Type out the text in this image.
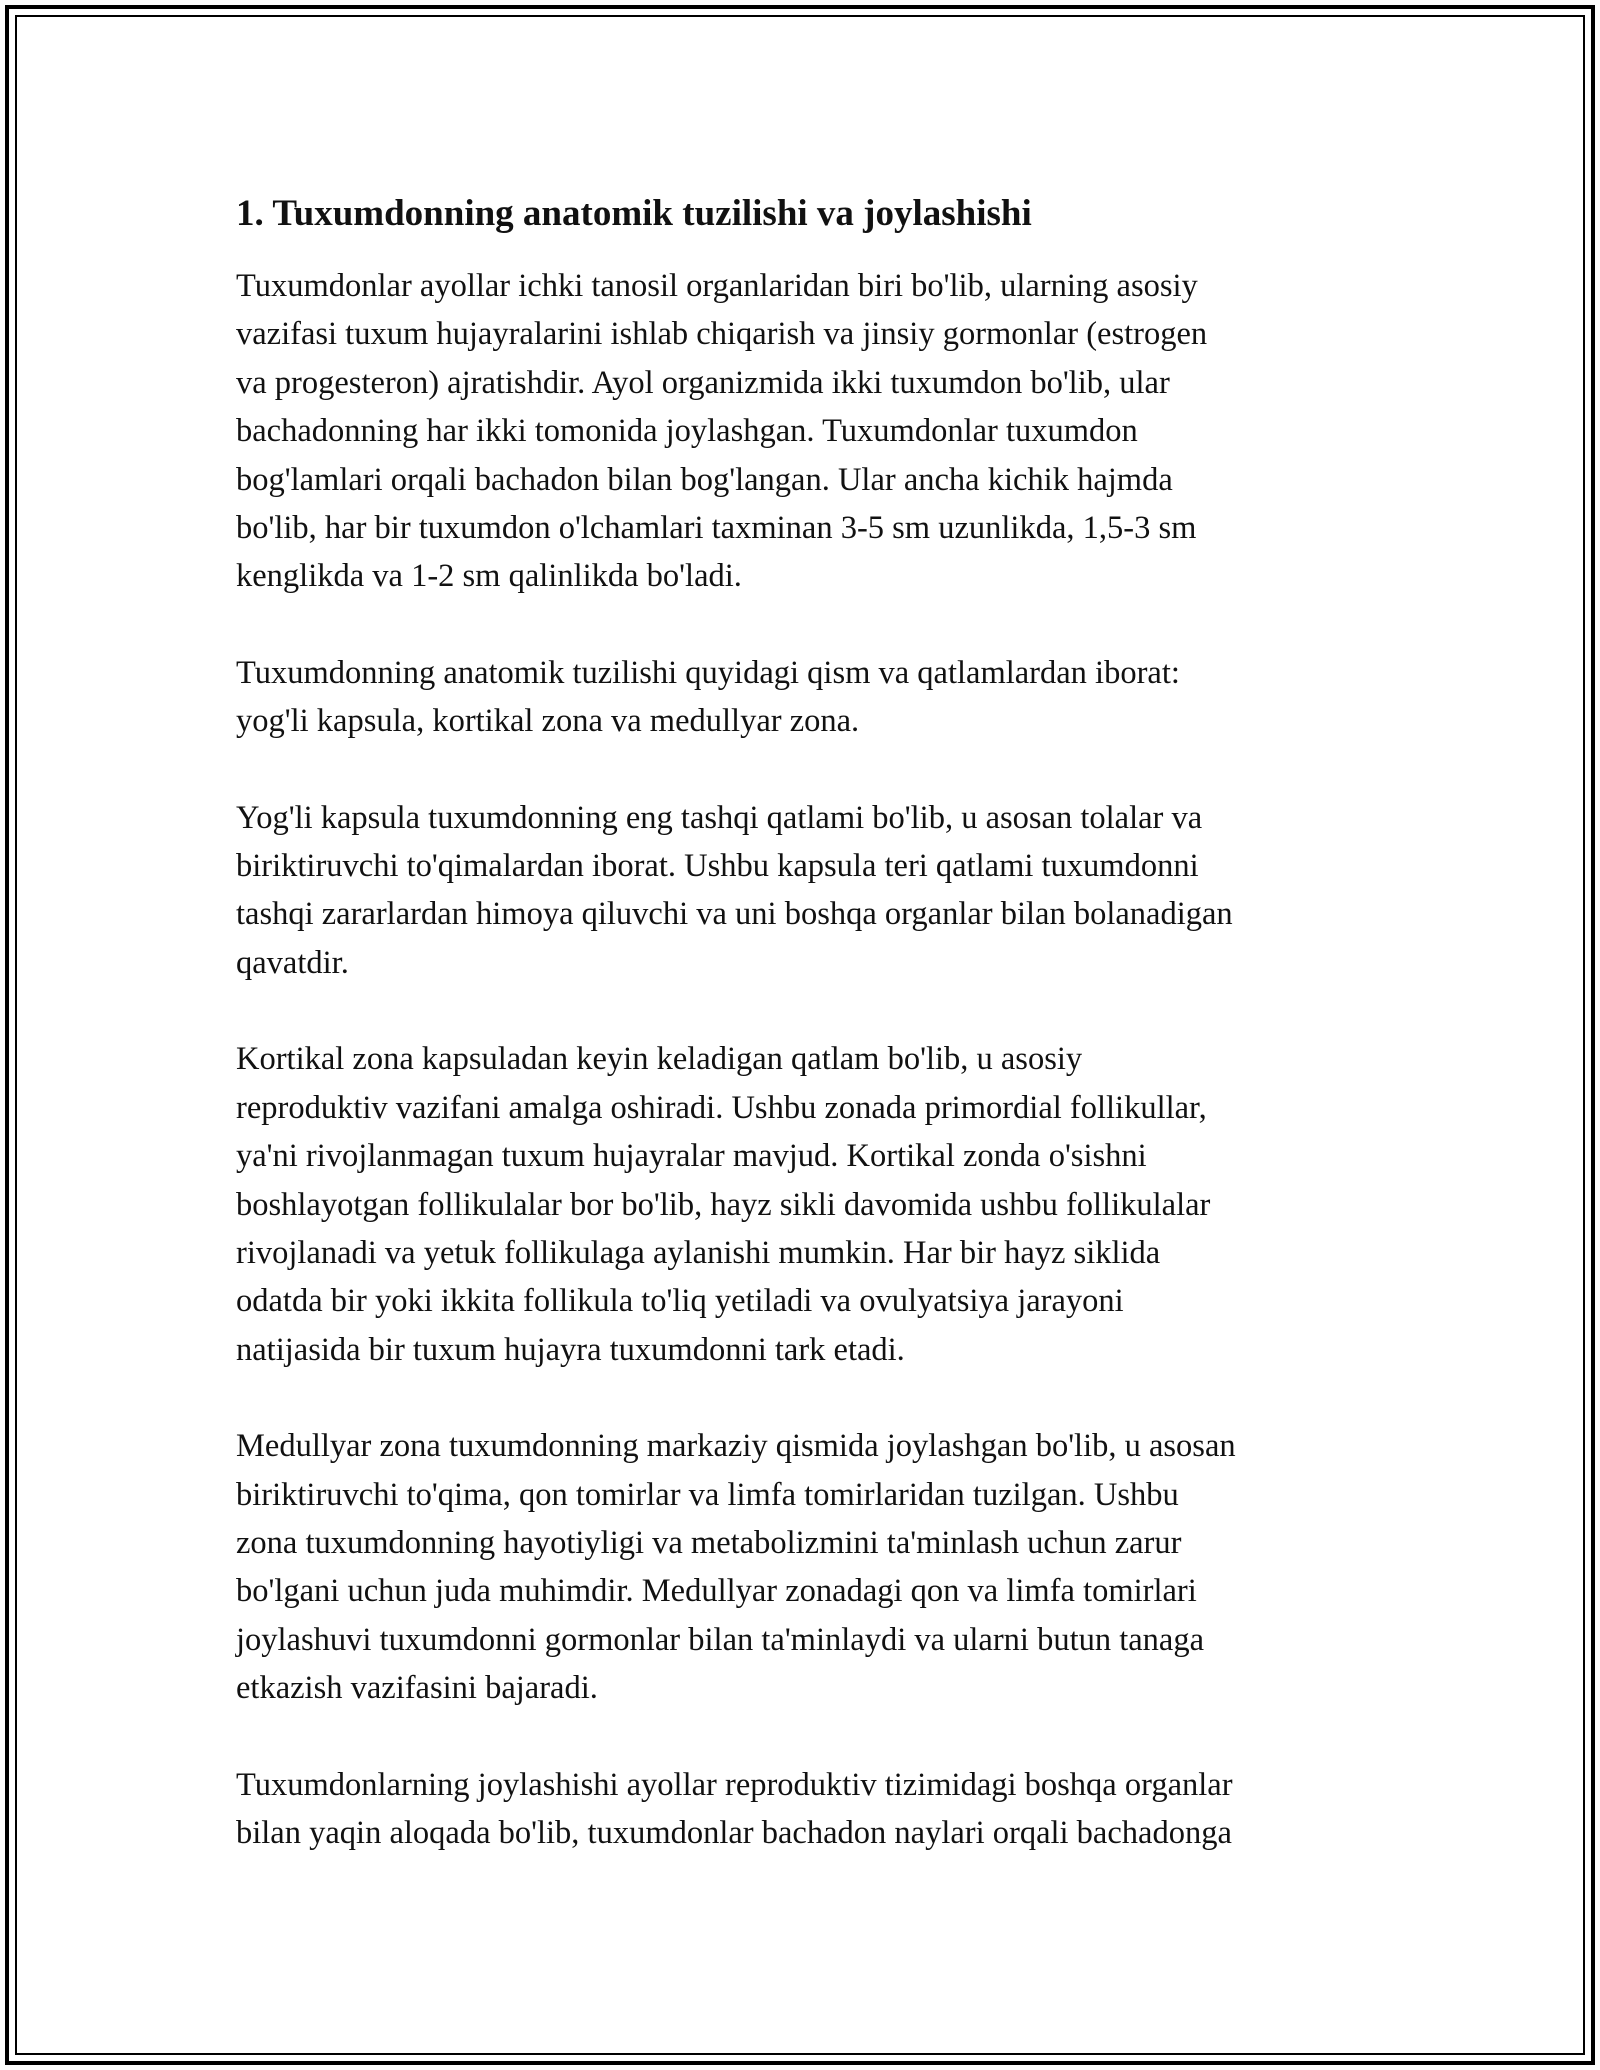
1. Tuxumdonning anatomik tuzilishi va joylashishi

Tuxumdonlar ayollar ichki tanosil organlaridan biri bo'lib, ularning asosiy
vazifasi tuxum hujayralarini ishlab chiqarish va jinsiy gormonlar (estrogen
va progesteron) ajratishdir. Ayol organizmida ikki tuxumdon bo'lib, ular
bachadonning har ikki tomonida joylashgan. Tuxumdonlar tuxumdon
bog'lamlari orqali bachadon bilan bog'langan. Ular ancha kichik hajmda
bo'lib, har bir tuxumdon o'lchamlari taxminan 3-5 sm uzunlikda, 1,5-3 sm
kenglikda va 1-2 sm qalinlikda bo'ladi.

Tuxumdonning anatomik tuzilishi quyidagi qism va qatlamlardan iborat:
yog'li kapsula, kortikal zona va medullyar zona.

Yog'li kapsula tuxumdonning eng tashqi qatlami bo'lib, u asosan tolalar va
biriktiruvchi to'qimalardan iborat. Ushbu kapsula teri qatlami tuxumdonni
tashqi zararlardan himoya qiluvchi va uni boshqa organlar bilan bolanadigan
qavatdir.

Kortikal zona kapsuladan keyin keladigan qatlam bo'lib, u asosiy
reproduktiv vazifani amalga oshiradi. Ushbu zonada primordial follikullar,
ya'ni rivojlanmagan tuxum hujayralar mavjud. Kortikal zonda o'sishni
boshlayotgan follikulalar bor bo'lib, hayz sikli davomida ushbu follikulalar
rivojlanadi va yetuk follikulaga aylanishi mumkin. Har bir hayz siklida
odatda bir yoki ikkita follikula to'liq yetiladi va ovulyatsiya jarayoni
natijasida bir tuxum hujayra tuxumdonni tark etadi.

Medullyar zona tuxumdonning markaziy qismida joylashgan bo'lib, u asosan
biriktiruvchi to'qima, qon tomirlar va limfa tomirlaridan tuzilgan. Ushbu
zona tuxumdonning hayotiyligi va metabolizmini ta'minlash uchun zarur
bo'lgani uchun juda muhimdir. Medullyar zonadagi qon va limfa tomirlari
joylashuvi tuxumdonni gormonlar bilan ta'minlaydi va ularni butun tanaga
etkazish vazifasini bajaradi.

Tuxumdonlarning joylashishi ayollar reproduktiv tizimidagi boshqa organlar
bilan yaqin aloqada bo'lib, tuxumdonlar bachadon naylari orqali bachadonga
